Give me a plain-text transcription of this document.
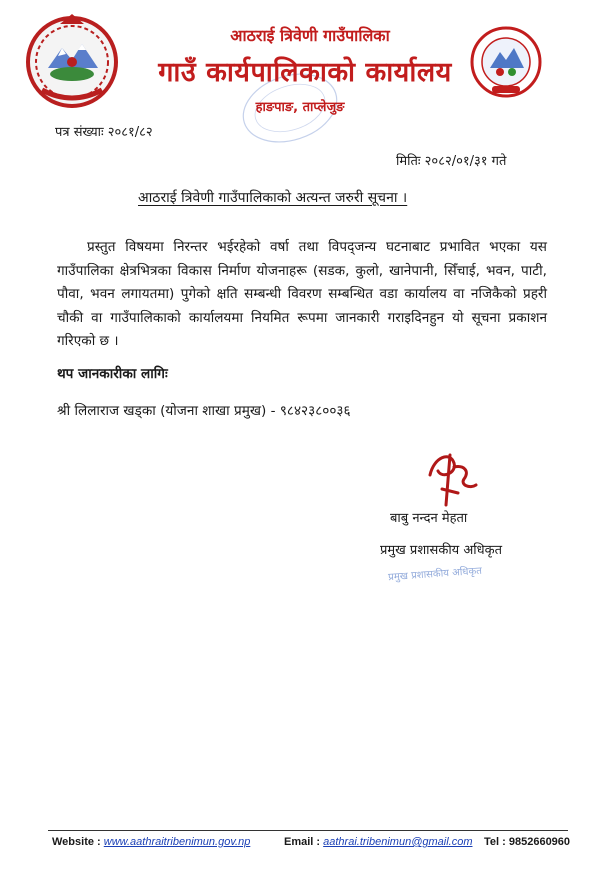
आठराई त्रिवेणी गाउँपालिका
गाउँ कार्यपालिकाको कार्यालय
हाङपाङ, ताप्लेजुङ
पत्र संख्याः २०८१/८२
मितिः २०८२/०१/३१ गते
आठराई त्रिवेणी गाउँपालिकाको अत्यन्त जरुरी सूचना ।
प्रस्तुत विषयमा निरन्तर भईरहेको वर्षा तथा विपद्जन्य घटनाबाट प्रभावित भएका यस गाउँपालिका क्षेत्रभित्रका विकास निर्माण योजनाहरू (सडक, कुलो, खानेपानी, सिँचाई, भवन, पाटी, पौवा, भवन लगायतमा) पुगेको क्षति सम्बन्धी विवरण सम्बन्धित वडा कार्यालय वा नजिकैको प्रहरी चौकी वा गाउँपालिकाको कार्यालयमा नियमित रूपमा जानकारी गराइदिनहुन यो सूचना प्रकाशन गरिएको छ ।
थप जानकारीका लागिः
श्री लिलाराज खड्का (योजना शाखा प्रमुख) - ९८४२३८००३६
बाबु नन्दन मेहता
प्रमुख प्रशासकीय अधिकृत
प्रमुख प्रशासकीय अधिकृत
Website : www.aathraitribenimun.gov.np	Email : aathrai.tribenimun@gmail.com Tel : 9852660960
